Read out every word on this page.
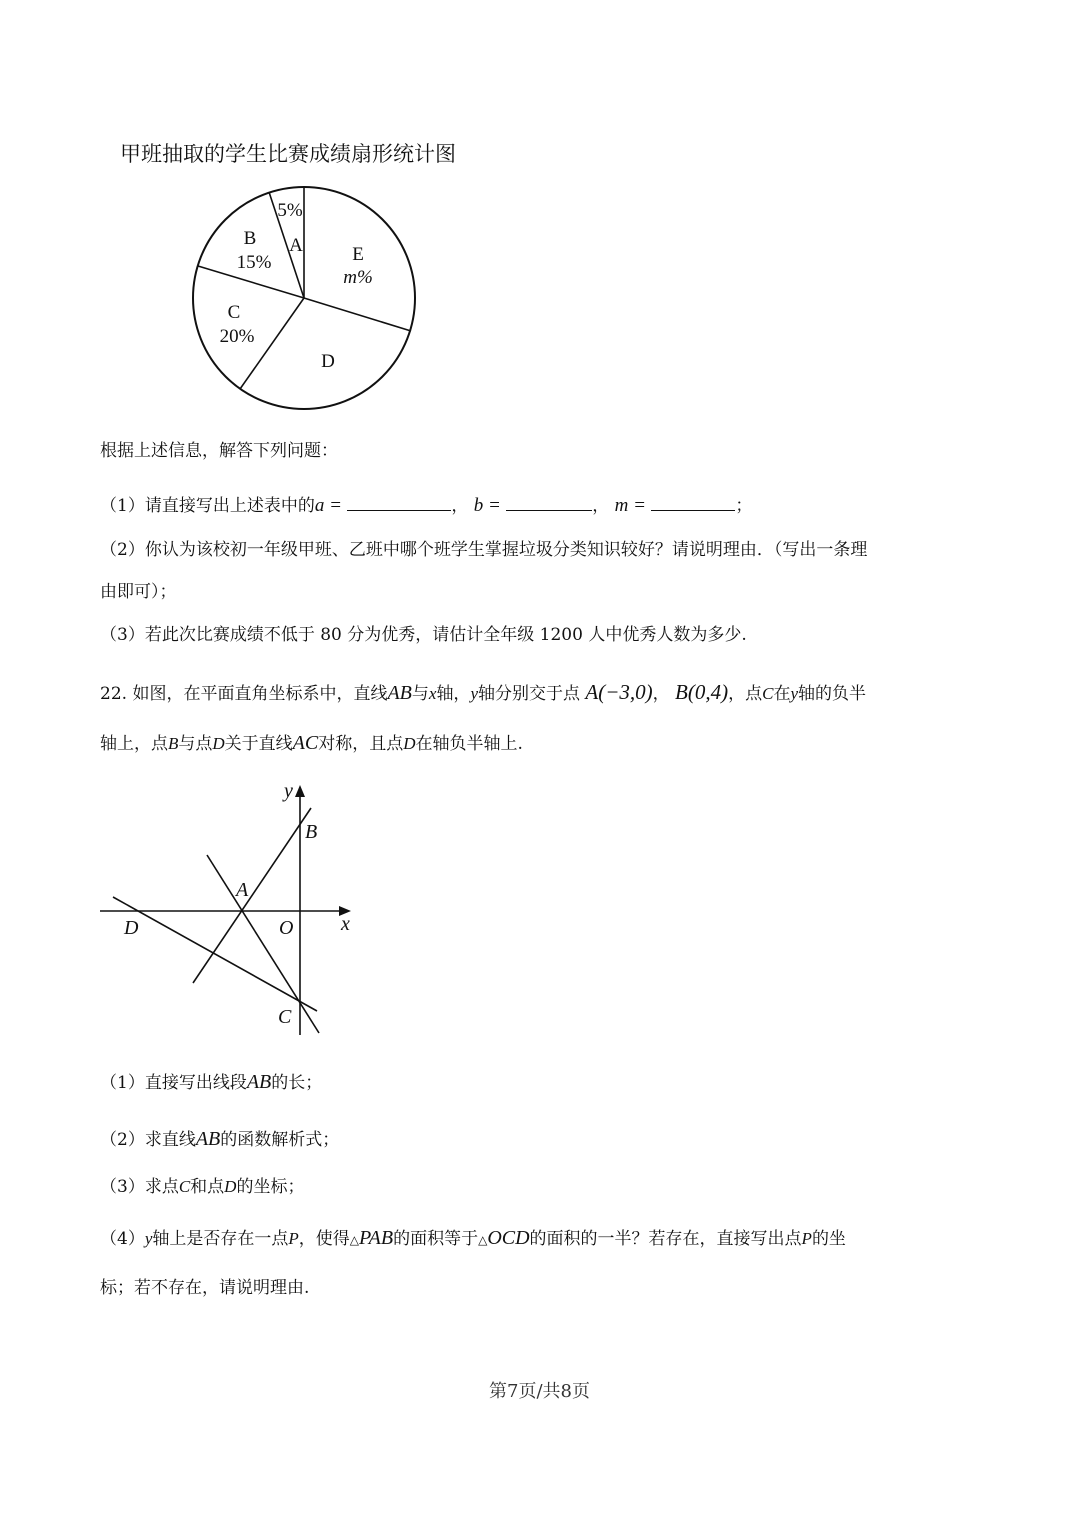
甲班抽取的学生比赛成绩扇形统计图
5%
A
B
15%
C
20%
D
E
m%
根据上述信息，解答下列问题：
（1）请直接写出上述表中的a =	， b =	， m =	；
（2）你认为该校初一年级甲班、乙班中哪个班学生掌握垃圾分类知识较好？请说明理由．（写出一条理
由即可）；
（3）若此次比赛成绩不低于 80 分为优秀，请估计全年级 1200 人中优秀人数为多少.
22. 如图，在平面直角坐标系中，直线AB与x轴，y轴分别交于点 A(−3,0)， B(0,4)，点C在y轴的负半
轴上，点B与点D关于直线AC对称，且点D在轴负半轴上.
y
x
B
A
D	O
C
（1）直接写出线段AB的长；
（2）求直线AB的函数解析式；
（3）求点C和点D的坐标；
（4）y轴上是否存在一点P，使得△PAB的面积等于△OCD的面积的一半？若存在，直接写出点P的坐
标；若不存在，请说明理由.
第7页/共8页
